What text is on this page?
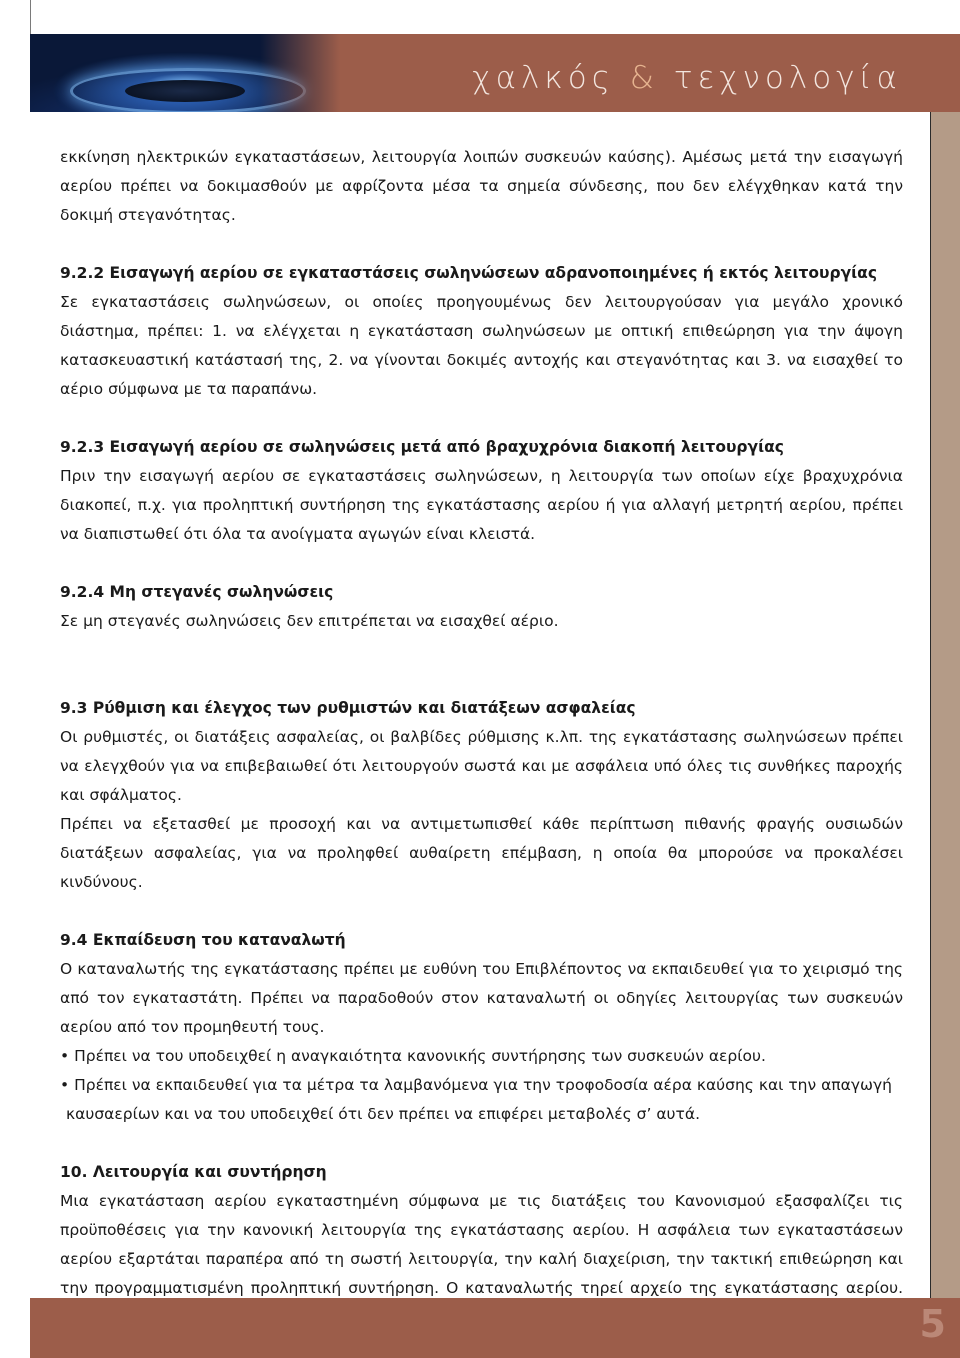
χαλκός & τεχνολογία

εκκίνηση ηλεκτρικών εγκαταστάσεων, λειτουργία λοιπών συσκευών καύσης). Αμέσως μετά την εισαγωγή αερίου πρέπει να δοκιμασθούν με αφρίζοντα μέσα τα σημεία σύνδεσης, που δεν ελέγχθηκαν κατά την δοκιμή στεγανότητας.

9.2.2 Εισαγωγή αερίου σε εγκαταστάσεις σωληνώσεων αδρανοποιημένες ή εκτός λειτουργίας

Σε εγκαταστάσεις σωληνώσεων, οι οποίες προηγουμένως δεν λειτουργούσαν για μεγάλο χρονικό διάστημα, πρέπει: 1. να ελέγχεται η εγκατάσταση σωληνώσεων με οπτική επιθεώρηση για την άψογη κατασκευαστική κατάστασή της, 2. να γίνονται δοκιμές αντοχής και στεγανότητας και 3. να εισαχθεί το αέριο σύμφωνα με τα παραπάνω.

9.2.3 Εισαγωγή αερίου σε σωληνώσεις μετά από βραχυχρόνια διακοπή λειτουργίας

Πριν την εισαγωγή αερίου σε εγκαταστάσεις σωληνώσεων, η λειτουργία των οποίων είχε βραχυχρόνια διακοπεί, π.χ. για προληπτική συντήρηση της εγκατάστασης αερίου ή για αλλαγή μετρητή αερίου, πρέπει να διαπιστωθεί ότι όλα τα ανοίγματα αγωγών είναι κλειστά.

9.2.4 Μη στεγανές σωληνώσεις

Σε μη στεγανές σωληνώσεις δεν επιτρέπεται να εισαχθεί αέριο.

9.3 Ρύθμιση και έλεγχος των ρυθμιστών και διατάξεων ασφαλείας

Οι ρυθμιστές, οι διατάξεις ασφαλείας, οι βαλβίδες ρύθμισης κ.λπ. της εγκατάστασης σωληνώσεων πρέπει να ελεγχθούν για να επιβεβαιωθεί ότι λειτουργούν σωστά και με ασφάλεια υπό όλες τις συνθήκες παροχής και σφάλματος.

Πρέπει να εξετασθεί με προσοχή και να αντιμετωπισθεί κάθε περίπτωση πιθανής φραγής ουσιωδών διατάξεων ασφαλείας, για να προληφθεί αυθαίρετη επέμβαση, η οποία θα μπορούσε να προκαλέσει κινδύνους.

9.4 Εκπαίδευση του καταναλωτή

Ο καταναλωτής της εγκατάστασης πρέπει με ευθύνη του Επιβλέποντος να εκπαιδευθεί για το χειρισμό της από τον εγκαταστάτη. Πρέπει να παραδοθούν στον καταναλωτή οι οδηγίες λειτουργίας των συσκευών αερίου από τον προμηθευτή τους.

• Πρέπει να του υποδειχθεί η αναγκαιότητα κανονικής συντήρησης των συσκευών αερίου.

• Πρέπει να εκπαιδευθεί για τα μέτρα τα λαμβανόμενα για την τροφοδοσία αέρα καύσης και την απαγωγή

καυσαερίων και να του υποδειχθεί ότι δεν πρέπει να επιφέρει μεταβολές σ’ αυτά.

10. Λειτουργία και συντήρηση

Μια εγκατάσταση αερίου εγκαταστημένη σύμφωνα με τις διατάξεις του Κανονισμού εξασφαλίζει τις προϋποθέσεις για την κανονική λειτουργία της εγκατάστασης αερίου. Η ασφάλεια των εγκαταστάσεων αερίου εξαρτάται παραπέρα από τη σωστή λειτουργία, την καλή διαχείριση, την τακτική επιθεώρηση και την προγραμματισμένη προληπτική συντήρηση. Ο καταναλωτής τηρεί αρχείο της εγκατάστασης αερίου.

5
